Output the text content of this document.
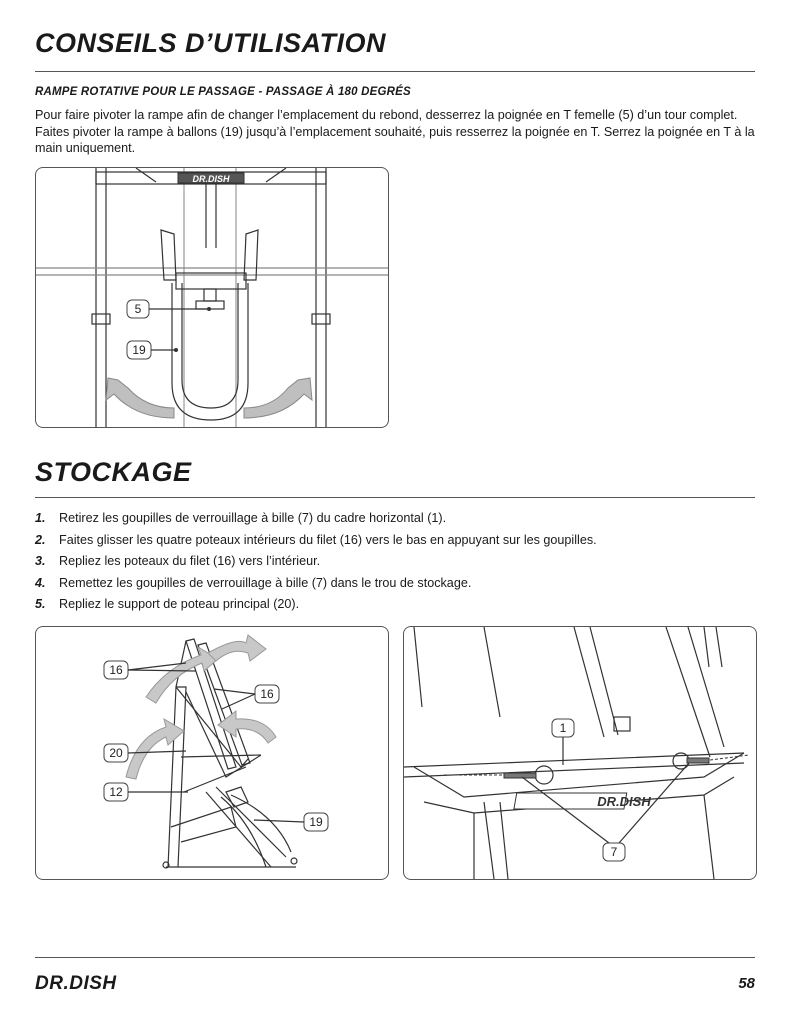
CONSEILS D’UTILISATION
RAMPE ROTATIVE POUR LE PASSAGE - PASSAGE À 180 DEGRÉS
Pour faire pivoter la rampe afin de changer l’emplacement du rebond, desserrez la poignée en T femelle (5) d’un tour complet. Faites pivoter la rampe à ballons (19) jusqu’à l’emplacement souhaité, puis resserrez la poignée en T. Serrez la poignée en T à la main uniquement.
DR.DISH
5
19
STOCKAGE
1.	Retirez les goupilles de verrouillage à bille (7) du cadre horizontal (1).
2.	Faites glisser les quatre poteaux intérieurs du filet (16) vers le bas en appuyant sur les goupilles.
3.	Repliez les poteaux du filet (16) vers l’intérieur.
4.	Remettez les goupilles de verrouillage à bille (7) dans le trou de stockage.
5.	Repliez le support de poteau principal (20).
16
16
20
12
19
DR.DISH
1
7
DR.DISH	58
